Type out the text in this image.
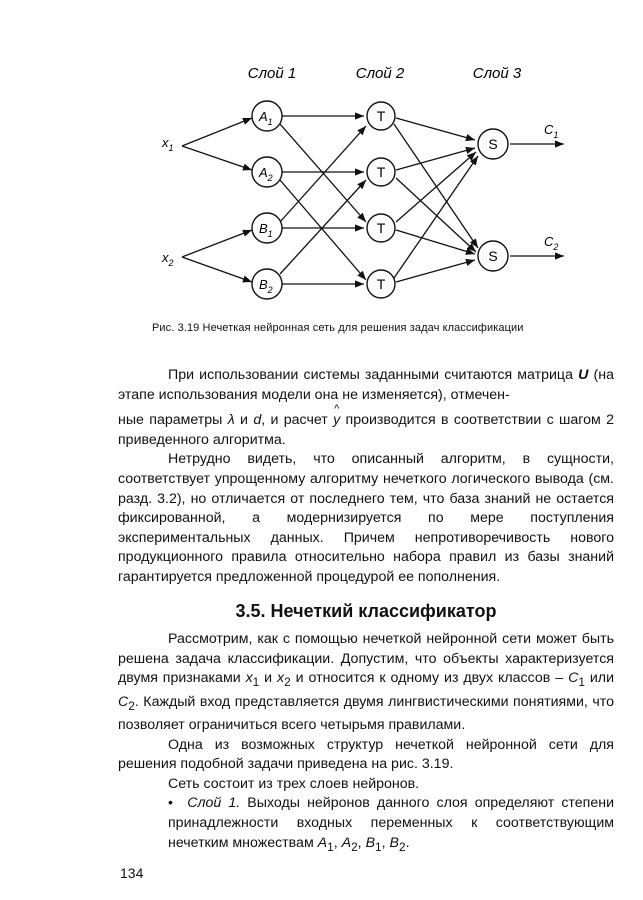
Слой 1	Слой 2	Слой 3
$x_1$
$x_2$
$A_1$
$A_2$
$B_1$
$B_2$
T
T
T
T
S
S
$C_1$
$C_2$
Рис. 3.19 Нечеткая нейронная сеть для решения задач классификации

При использовании системы заданными считаются матрица U (на этапе использования модели она не изменяется), отмечен-

ные параметры λ и d, и расчет y
^
производится в соответствии с шагом 2 приведенного алгоритма.

Нетрудно видеть, что описанный алгоритм, в сущности, соответствует упрощенному алгоритму нечеткого логического вывода (см. разд. 3.2), но отличается от последнего тем, что база знаний не остается фиксированной, а модернизируется по мере поступления экспериментальных данных. Причем непротиворечивость нового продукционного правила относительно набора правил из базы знаний гарантируется предложенной процедурой ее пополнения.

3.5. Нечеткий классификатор

Рассмотрим, как с помощью нечеткой нейронной сети может быть решена задача классификации. Допустим, что объекты характеризуется двумя признаками $x_1$ и $x_2$ и относится к одному из двух классов – $C_1$ или $C_2$. Каждый вход представляется двумя лингвистическими понятиями, что позволяет ограничиться всего четырьмя правилами.

Одна из возможных структур нечеткой нейронной сети для решения подобной задачи приведена на рис. 3.19.

Сеть состоит из трех слоев нейронов.

• Слой 1. Выходы нейронов данного слоя определяют степени принадлежности входных переменных к соответствующим нечетким множествам $A_1$, $A_2$, $B_1$, $B_2$.

134
